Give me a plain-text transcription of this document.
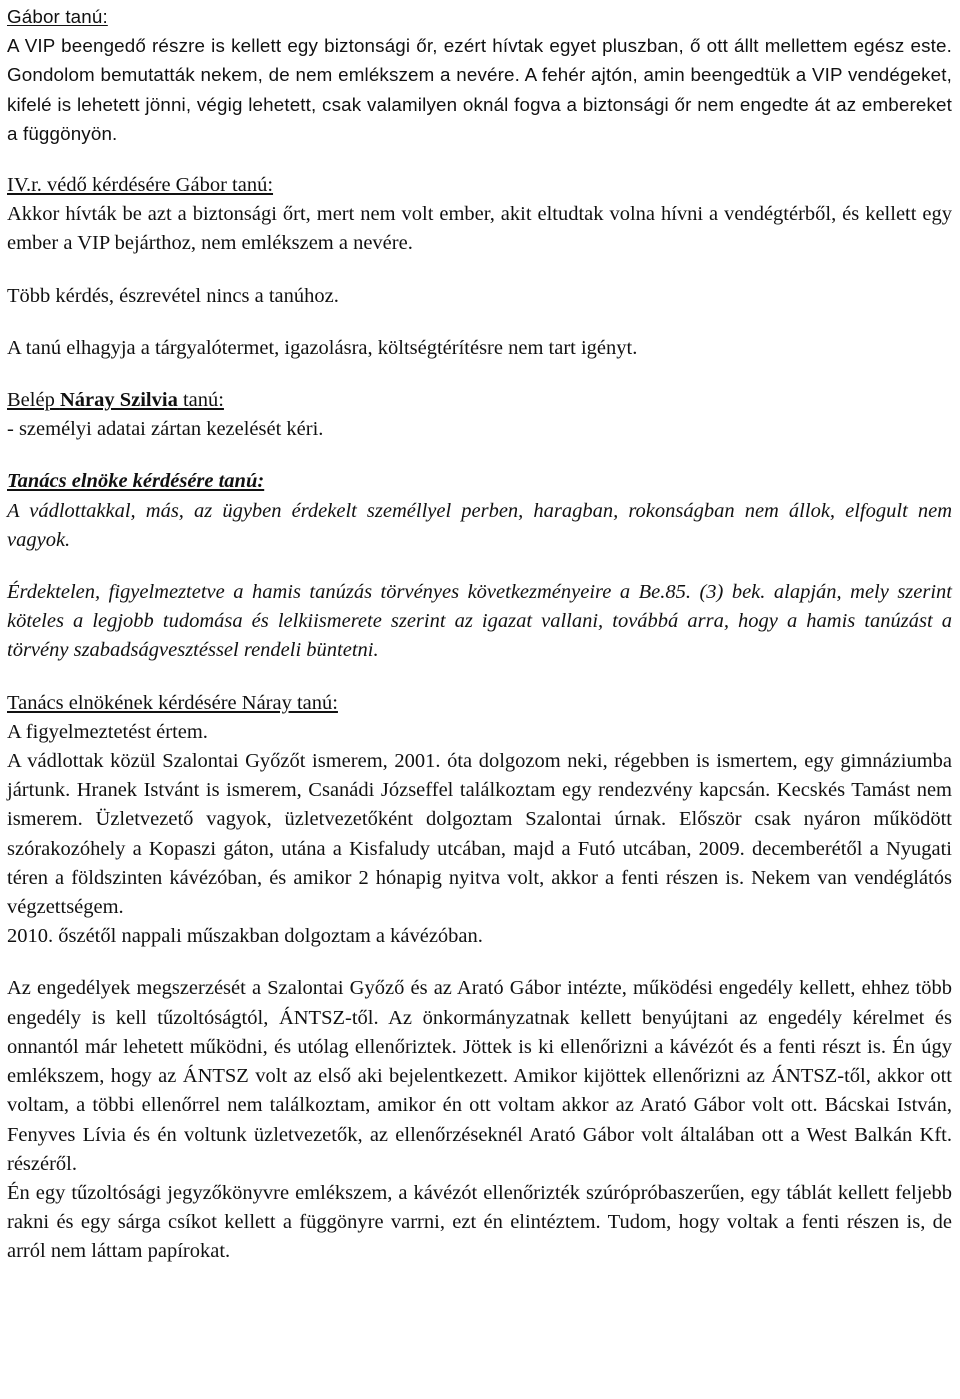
Gábor tanú:

A VIP beengedő részre is kellett egy biztonsági őr, ezért hívtak egyet pluszban, ő ott állt mellettem egész este. Gondolom bemutatták nekem, de nem emlékszem a nevére. A fehér ajtón, amin beengedtük a VIP vendégeket, kifelé is lehetett jönni, végig lehetett, csak valamilyen oknál fogva a biztonsági őr nem engedte át az embereket a függönyön.

IV.r. védő kérdésére Gábor tanú:

Akkor hívták be azt a biztonsági őrt, mert nem volt ember, akit eltudtak volna hívni a vendégtérből, és kellett egy ember a VIP bejárthoz, nem emlékszem a nevére.

Több kérdés, észrevétel nincs a tanúhoz.

A tanú elhagyja a tárgyalótermet, igazolásra, költségtérítésre nem tart igényt.

Belép Náray Szilvia tanú:

- személyi adatai zártan kezelését kéri.

Tanács elnöke kérdésére tanú:

A vádlottakkal, más, az ügyben érdekelt személlyel perben, haragban, rokonságban nem állok, elfogult nem vagyok.

Érdektelen, figyelmeztetve a hamis tanúzás törvényes következményeire a Be.85. (3) bek. alapján, mely szerint köteles a legjobb tudomása és lelkiismerete szerint az igazat vallani, továbbá arra, hogy a hamis tanúzást a törvény szabadságvesztéssel rendeli büntetni.

Tanács elnökének kérdésére Náray tanú:

A figyelmeztetést értem.

A vádlottak közül Szalontai Győzőt ismerem, 2001. óta dolgozom neki, régebben is ismertem, egy gimnáziumba jártunk. Hranek Istvánt is ismerem, Csanádi Józseffel találkoztam egy rendezvény kapcsán. Kecskés Tamást nem ismerem. Üzletvezető vagyok, üzletvezetőként dolgoztam Szalontai úrnak. Először csak nyáron működött szórakozóhely a Kopaszi gáton, utána a Kisfaludy utcában, majd a Futó utcában, 2009. decemberétől a Nyugati téren a földszinten kávézóban, és amikor 2 hónapig nyitva volt, akkor a fenti részen is. Nekem van vendéglátós végzettségem.

2010. őszétől nappali műszakban dolgoztam a kávézóban.

Az engedélyek megszerzését a Szalontai Győző és az Arató Gábor intézte, működési engedély kellett, ehhez több engedély is kell tűzoltóságtól, ÁNTSZ-től. Az önkormányzatnak kellett benyújtani az engedély kérelmet és onnantól már lehetett működni, és utólag ellenőriztek. Jöttek is ki ellenőrizni a kávézót és a fenti részt is. Én úgy emlékszem, hogy az ÁNTSZ volt az első aki bejelentkezett. Amikor kijöttek ellenőrizni az ÁNTSZ-től, akkor ott voltam, a többi ellenőrrel nem találkoztam, amikor én ott voltam akkor az Arató Gábor volt ott. Bácskai István, Fenyves Lívia és én voltunk üzletvezetők, az ellenőrzéseknél Arató Gábor volt általában ott a West Balkán Kft. részéről.

Én egy tűzoltósági jegyzőkönyvre emlékszem, a kávézót ellenőrizték szúrópróbaszerűen, egy táblát kellett feljebb rakni és egy sárga csíkot kellett a függönyre varrni, ezt én elintéztem. Tudom, hogy voltak a fenti részen is, de arról nem láttam papírokat.
